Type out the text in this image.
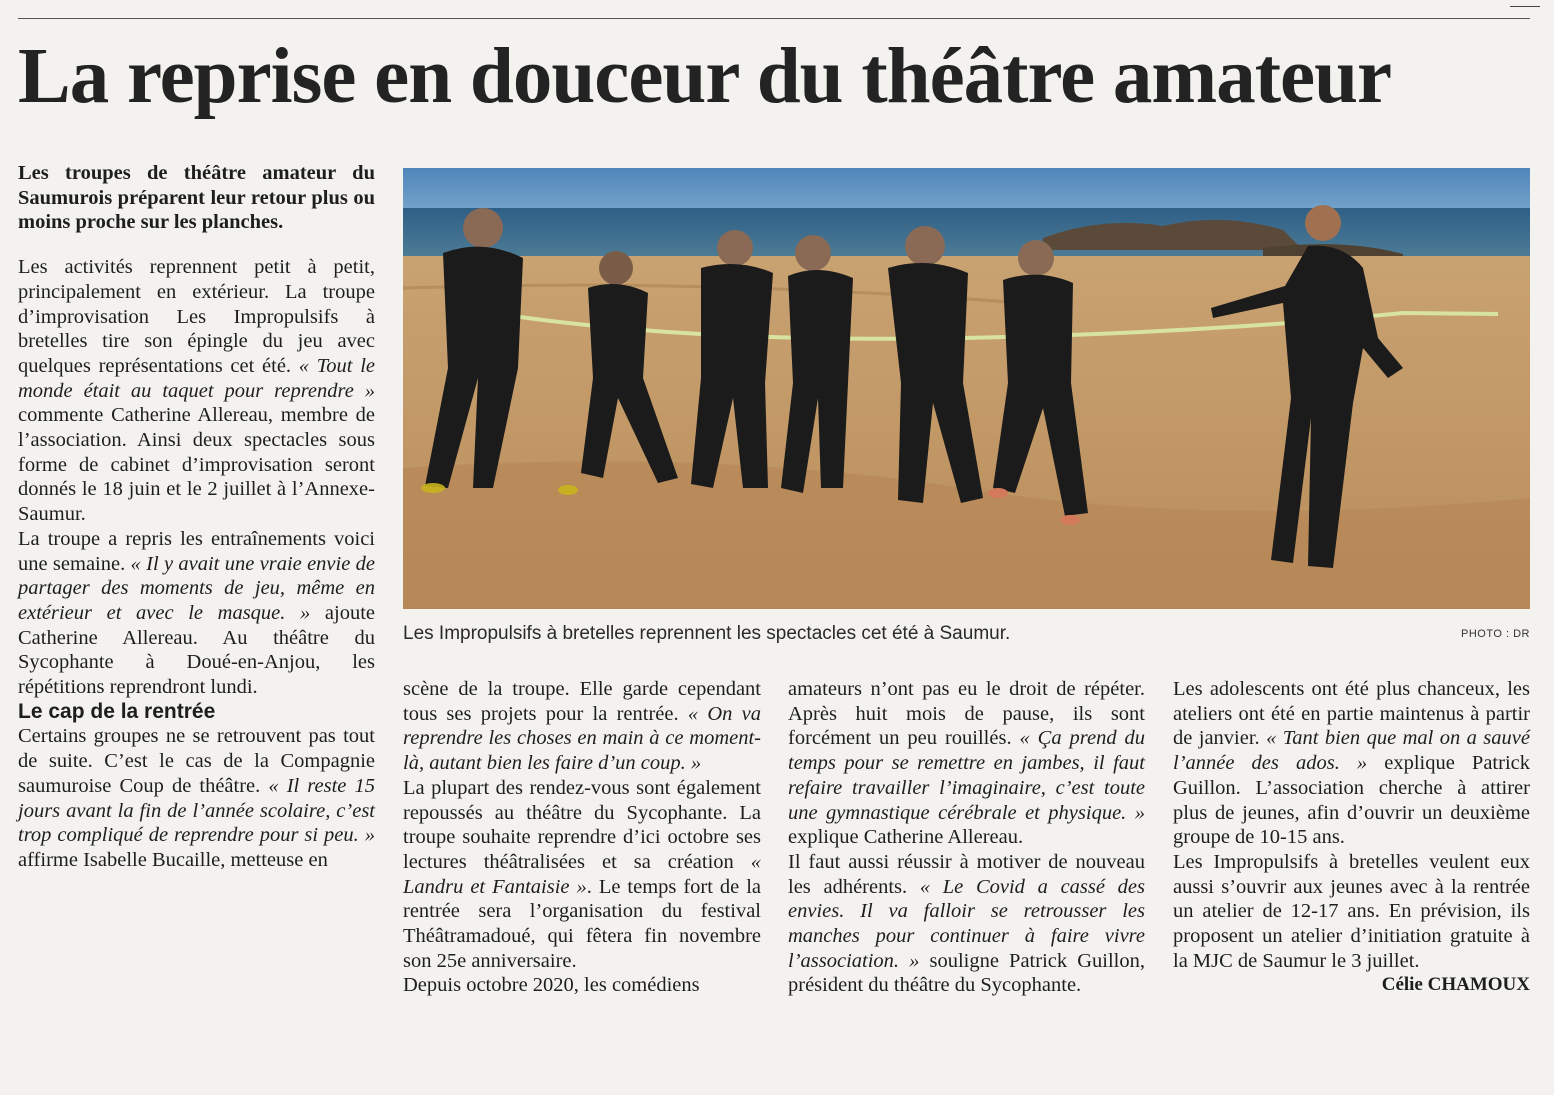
La reprise en douceur du théâtre amateur

Les troupes de théâtre amateur du Saumurois préparent leur retour plus ou moins proche sur les planches.

Les activités reprennent petit à petit, principalement en extérieur. La troupe d’improvisation Les Impropulsifs à bretelles tire son épingle du jeu avec quelques représentations cet été. « Tout le monde était au taquet pour reprendre » commente Catherine Allereau, membre de l’association. Ainsi deux spectacles sous forme de cabinet d’improvisation seront donnés le 18 juin et le 2 juillet à l’Annexe-Saumur.

La troupe a repris les entraînements voici une semaine. « Il y avait une vraie envie de partager des moments de jeu, même en extérieur et avec le masque. » ajoute Catherine Allereau. Au théâtre du Sycophante à Doué-en-Anjou, les répétitions reprendront lundi.

Le cap de la rentrée

Certains groupes ne se retrouvent pas tout de suite. C’est le cas de la Compagnie saumuroise Coup de théâtre. « Il reste 15 jours avant la fin de l’année scolaire, c’est trop compliqué de reprendre pour si peu. » affirme Isabelle Bucaille, metteuse en

Les Impropulsifs à bretelles reprennent les spectacles cet été à Saumur.	PHOTO : DR

scène de la troupe. Elle garde cependant tous ses projets pour la rentrée. « On va reprendre les choses en main à ce moment-là, autant bien les faire d’un coup. »

La plupart des rendez-vous sont également repoussés au théâtre du Sycophante. La troupe souhaite reprendre d’ici octobre ses lectures théâtralisées et sa création « Landru et Fantaisie ». Le temps fort de la rentrée sera l’organisation du festival Théâtramadoué, qui fêtera fin novembre son 25e anniversaire.

Depuis octobre 2020, les comédiens

amateurs n’ont pas eu le droit de répéter. Après huit mois de pause, ils sont forcément un peu rouillés. « Ça prend du temps pour se remettre en jambes, il faut refaire travailler l’imaginaire, c’est toute une gymnastique cérébrale et physique. » explique Catherine Allereau.

Il faut aussi réussir à motiver de nouveau les adhérents. « Le Covid a cassé des envies. Il va falloir se retrousser les manches pour continuer à faire vivre l’association. » souligne Patrick Guillon, président du théâtre du Sycophante.

Les adolescents ont été plus chanceux, les ateliers ont été en partie maintenus à partir de janvier. « Tant bien que mal on a sauvé l’année des ados. » explique Patrick Guillon. L’association cherche à attirer plus de jeunes, afin d’ouvrir un deuxième groupe de 10-15 ans.

Les Impropulsifs à bretelles veulent eux aussi s’ouvrir aux jeunes avec à la rentrée un atelier de 12-17 ans. En prévision, ils proposent un atelier d’initiation gratuite à la MJC de Saumur le 3 juillet.

Célie CHAMOUX
